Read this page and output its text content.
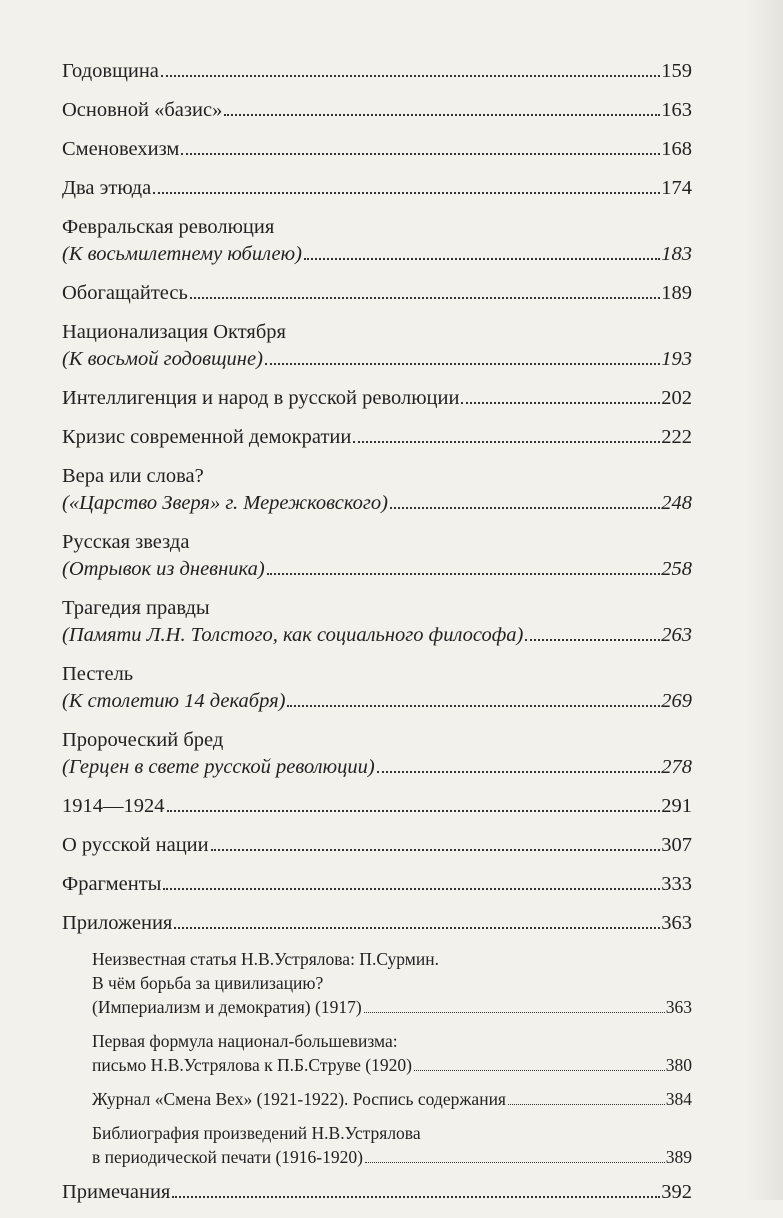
Годовщина	159
Основной «базис»	163
Сменовехизм	168
Два этюда	174
Февральская революция
(К восьмилетнему юбилею)	183
Обогащайтесь	189
Национализация Октября
(К восьмой годовщине)	193
Интеллигенция и народ в русской революции	202
Кризис современной демократии	222
Вера или слова?
(«Царство Зверя» г. Мережковского)	248
Русская звезда
(Отрывок из дневника)	258
Трагедия правды
(Памяти Л.Н. Толстого, как социального философа)	263
Пестель
(К столетию 14 декабря)	269
Пророческий бред
(Герцен в свете русской революции)	278
1914—1924	291
О русской нации	307
Фрагменты	333
Приложения	363
Неизвестная статья Н.В.Устрялова: П.Сурмин.
В чём борьба за цивилизацию?
(Империализм и демократия) (1917)	363
Первая формула национал-большевизма:
письмо Н.В.Устрялова к П.Б.Струве (1920)	380
Журнал «Смена Вех» (1921-1922). Роспись содержания	384
Библиография произведений Н.В.Устрялова
в периодической печати (1916-1920)	389
Примечания	392
